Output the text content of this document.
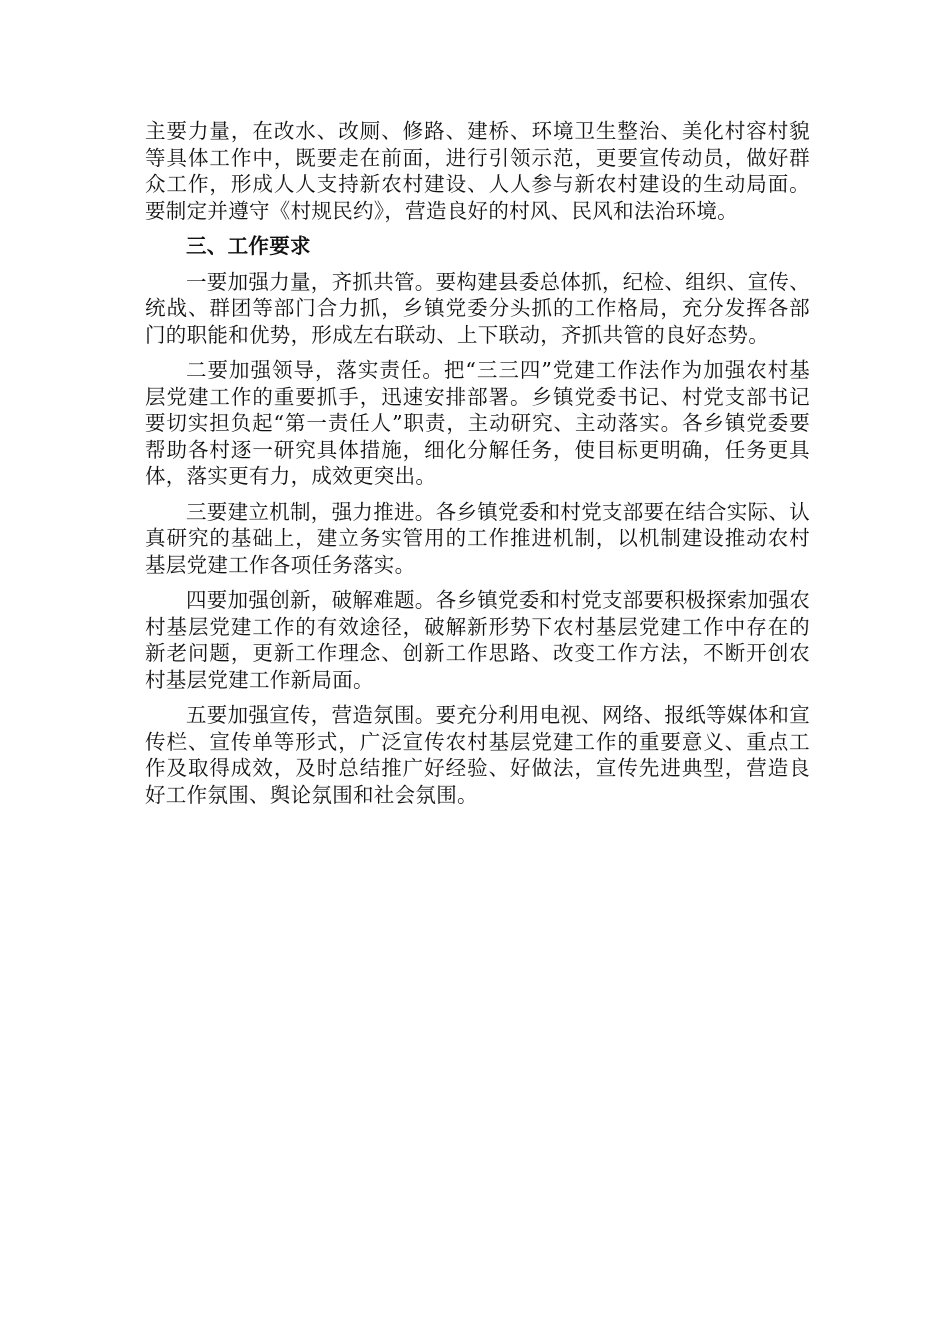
主要力量，在改水、改厕、修路、建桥、环境卫生整治、美化村容村貌等具体工作中，既要走在前面，进行引领示范，更要宣传动员，做好群众工作，形成人人支持新农村建设、人人参与新农村建设的生动局面。要制定并遵守《村规民约》，营造良好的村风、民风和法治环境。

三、工作要求

一要加强力量，齐抓共管。要构建县委总体抓，纪检、组织、宣传、统战、群团等部门合力抓，乡镇党委分头抓的工作格局，充分发挥各部门的职能和优势，形成左右联动、上下联动，齐抓共管的良好态势。

二要加强领导，落实责任。把“三三四”党建工作法作为加强农村基层党建工作的重要抓手，迅速安排部署。乡镇党委书记、村党支部书记要切实担负起“第一责任人”职责，主动研究、主动落实。各乡镇党委要帮助各村逐一研究具体措施，细化分解任务，使目标更明确，任务更具体，落实更有力，成效更突出。

三要建立机制，强力推进。各乡镇党委和村党支部要在结合实际、认真研究的基础上，建立务实管用的工作推进机制，以机制建设推动农村基层党建工作各项任务落实。

四要加强创新，破解难题。各乡镇党委和村党支部要积极探索加强农村基层党建工作的有效途径，破解新形势下农村基层党建工作中存在的新老问题，更新工作理念、创新工作思路、改变工作方法，不断开创农村基层党建工作新局面。

五要加强宣传，营造氛围。要充分利用电视、网络、报纸等媒体和宣传栏、宣传单等形式，广泛宣传农村基层党建工作的重要意义、重点工作及取得成效，及时总结推广好经验、好做法，宣传先进典型，营造良好工作氛围、舆论氛围和社会氛围。
